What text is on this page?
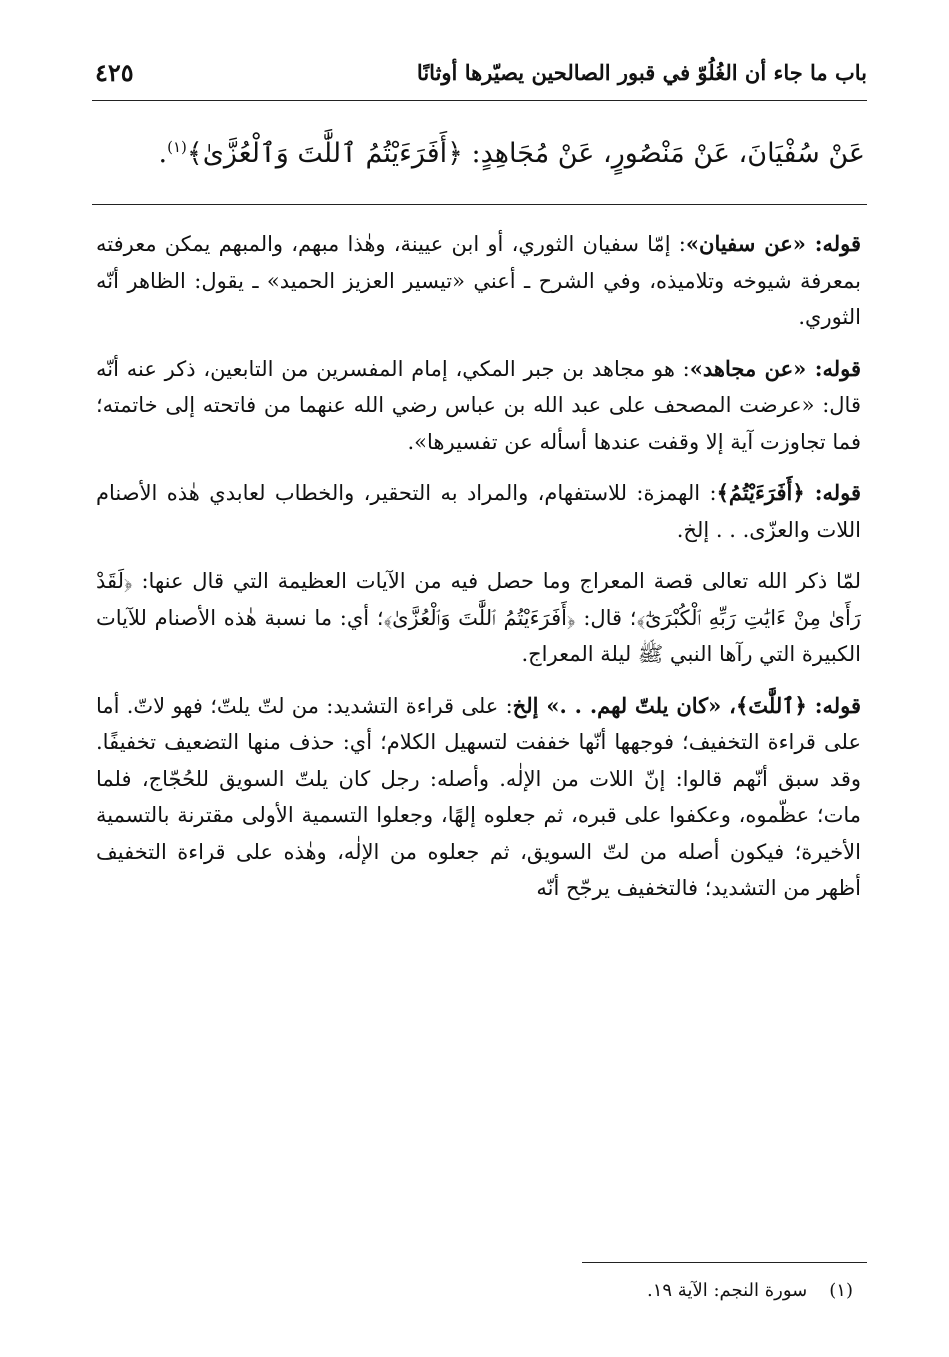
باب ما جاء أن الغُلُوّ في قبور الصالحين يصيّرها أوثانًا
٤٢٥
عَنْ سُفْيَانَ، عَنْ مَنْصُورٍ، عَنْ مُجَاهِدٍ: ﴿أَفَرَءَيْتُمُ ٱللَّٰتَ وَٱلْعُزَّىٰ﴾$^{(١)}$.

قوله: «عن سفيان»: إمّا سفيان الثوري، أو ابن عيينة، وهٰذا مبهم، والمبهم يمكن معرفته بمعرفة شيوخه وتلاميذه، وفي الشرح ـ أعني «تيسير العزيز الحميد» ـ يقول: الظاهر أنّه الثوري.

قوله: «عن مجاهد»: هو مجاهد بن جبر المكي، إمام المفسرين من التابعين، ذكر عنه أنّه قال: «عرضت المصحف على عبد الله بن عباس رضي الله عنهما من فاتحته إلى خاتمته؛ فما تجاوزت آية إلا وقفت عندها أسأله عن تفسيرها».

قوله: ﴿أَفَرَءَيْتُمُ﴾: الهمزة: للاستفهام، والمراد به التحقير، والخطاب لعابدي هٰذه الأصنام اللات والعزّى. . . إلخ.

لمّا ذكر الله تعالى قصة المعراج وما حصل فيه من الآيات العظيمة التي قال عنها: ﴿لَقَدْ رَأَىٰ مِنْ ءَايَٰتِ رَبِّهِ ٱلْكُبْرَىٰٓ﴾؛ قال: ﴿أَفَرَءَيْتُمُ ٱللَّٰتَ وَٱلْعُزَّىٰ﴾؛ أي: ما نسبة هٰذه الأصنام للآيات الكبيرة التي رآها النبي ﷺ ليلة المعراج.

قوله: ﴿ٱللَّٰتَ﴾، «كان يلتّ لهم. . .» إلخ: على قراءة التشديد: من لتّ يلتّ؛ فهو لاتّ. أما على قراءة التخفيف؛ فوجهها أنّها خففت لتسهيل الكلام؛ أي: حذف منها التضعيف تخفيفًا. وقد سبق أنّهم قالوا: إنّ اللات من الإلٰه. وأصله: رجل كان يلتّ السويق للحُجّاج، فلما مات؛ عظّموه، وعكفوا على قبره، ثم جعلوه إلهًا، وجعلوا التسمية الأولى مقترنة بالتسمية الأخيرة؛ فيكون أصله من لتّ السويق، ثم جعلوه من الإلٰه، وهٰذه على قراءة التخفيف أظهر من التشديد؛ فالتخفيف يرجّح أنّه

(١)سورة النجم: الآية ١٩.
